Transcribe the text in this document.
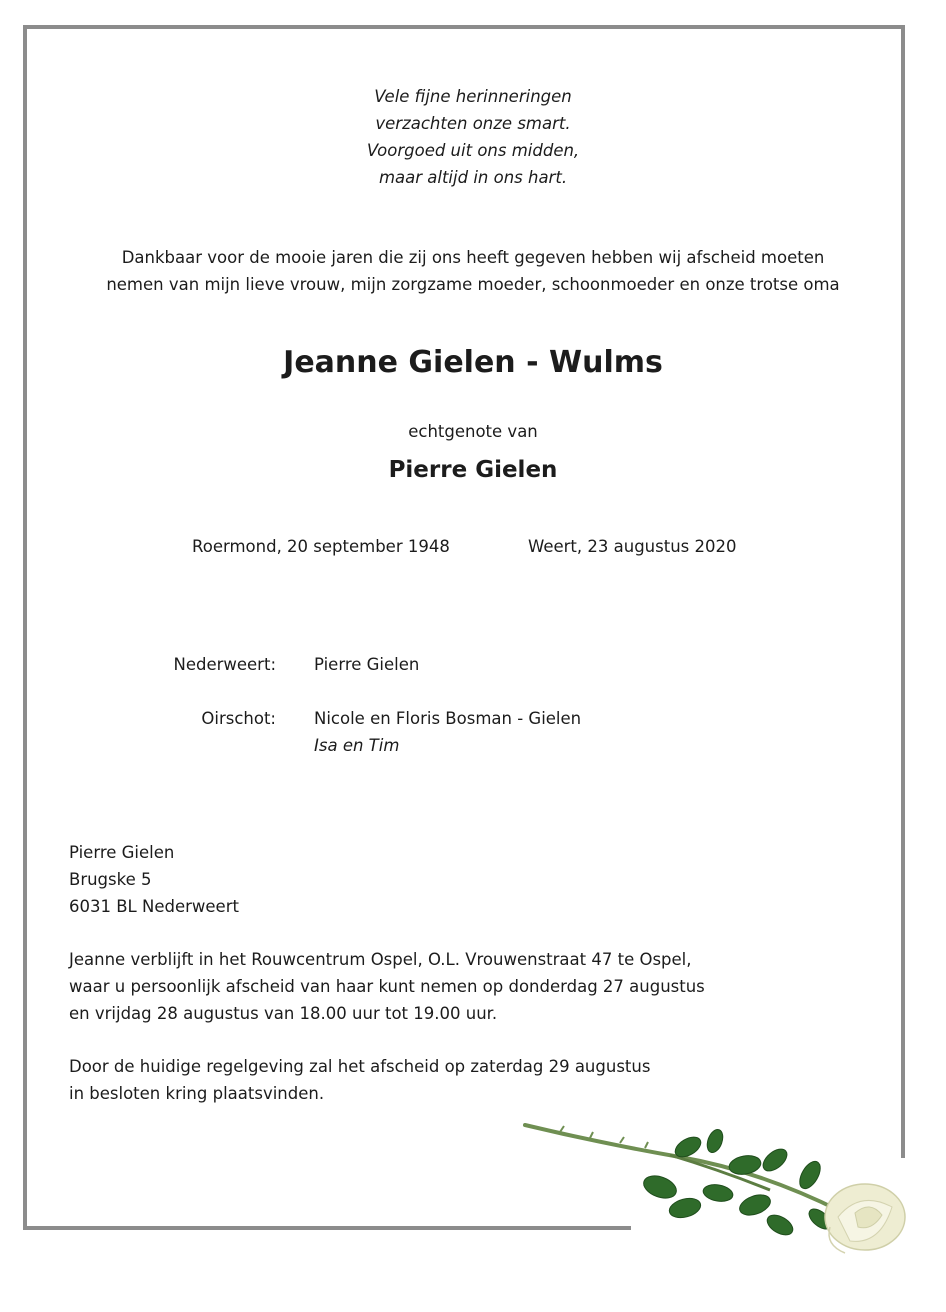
Vele fijne herinneringen
verzachten onze smart.
Voorgoed uit ons midden,
maar altijd in ons hart.
Dankbaar voor de mooie jaren die zij ons heeft gegeven hebben wij afscheid moeten
nemen van mijn lieve vrouw, mijn zorgzame moeder, schoonmoeder en onze trotse oma
Jeanne Gielen - Wulms
echtgenote van
Pierre Gielen
Roermond, 20 september 1948	Weert, 23 augustus 2020
Nederweert: Pierre Gielen
Oirschot: Nicole en Floris Bosman - Gielen
Isa en Tim
Pierre Gielen
Brugske 5
6031 BL Nederweert
Jeanne verblijft in het Rouwcentrum Ospel, O.L. Vrouwenstraat 47 te Ospel,
waar u persoonlijk afscheid van haar kunt nemen op donderdag 27 augustus
en vrijdag 28 augustus van 18.00 uur tot 19.00 uur.
Door de huidige regelgeving zal het afscheid op zaterdag 29 augustus
in besloten kring plaatsvinden.
